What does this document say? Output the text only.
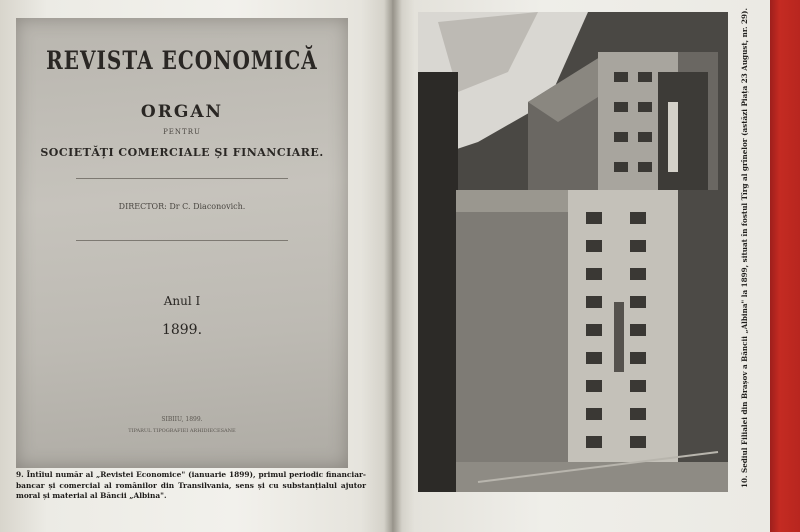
REVISTA ECONOMICĂ
ORGAN
PENTRU
SOCIETĂȚI COMERCIALE ȘI FINANCIARE.
DIRECTOR: Dr C. Diaconovich.
Anul I
1899.
SIBIIU, 1899.
TIPARUL TIPOGRAFIEI ARHIDIECESANE
9. Întîiul număr al „Revistei Economice" (ianuarie 1899), primul periodic financiar-bancar și comercial al românilor din Transilvania, sens și cu substanțialul ajutor moral și material al Băncii „Albina".
10. Sediul Filialei din Brașov a Băncii „Albina" la 1899, situat în fostul Tîrg al grînelor (astăzi Piața 23 August, nr. 29).
